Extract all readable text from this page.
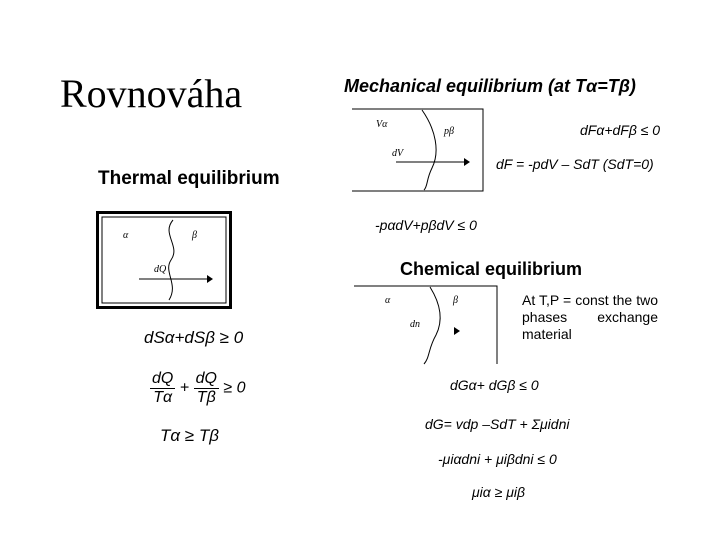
Rovnováha
Thermal equilibrium
α	β
dQ
dSα+dSβ ≥ 0
$\frac{dQ}{T\alpha} + \frac{dQ}{T\beta} \ge 0$
Tα ≥ Tβ
Mechanical equilibrium (at Tα=Tβ)
Vα
pβ
dV
dFα+dFβ ≤ 0
dF = -pdV – SdT (SdT=0)
-pαdV+pβdV ≤ 0
Chemical equilibrium
α	β
dn
At T,P = const the two phases exchange material
dGα+ dGβ ≤ 0
dG= vdp –SdT + Σμidni
-μiαdni + μiβdni ≤ 0
μiα ≥ μiβ
